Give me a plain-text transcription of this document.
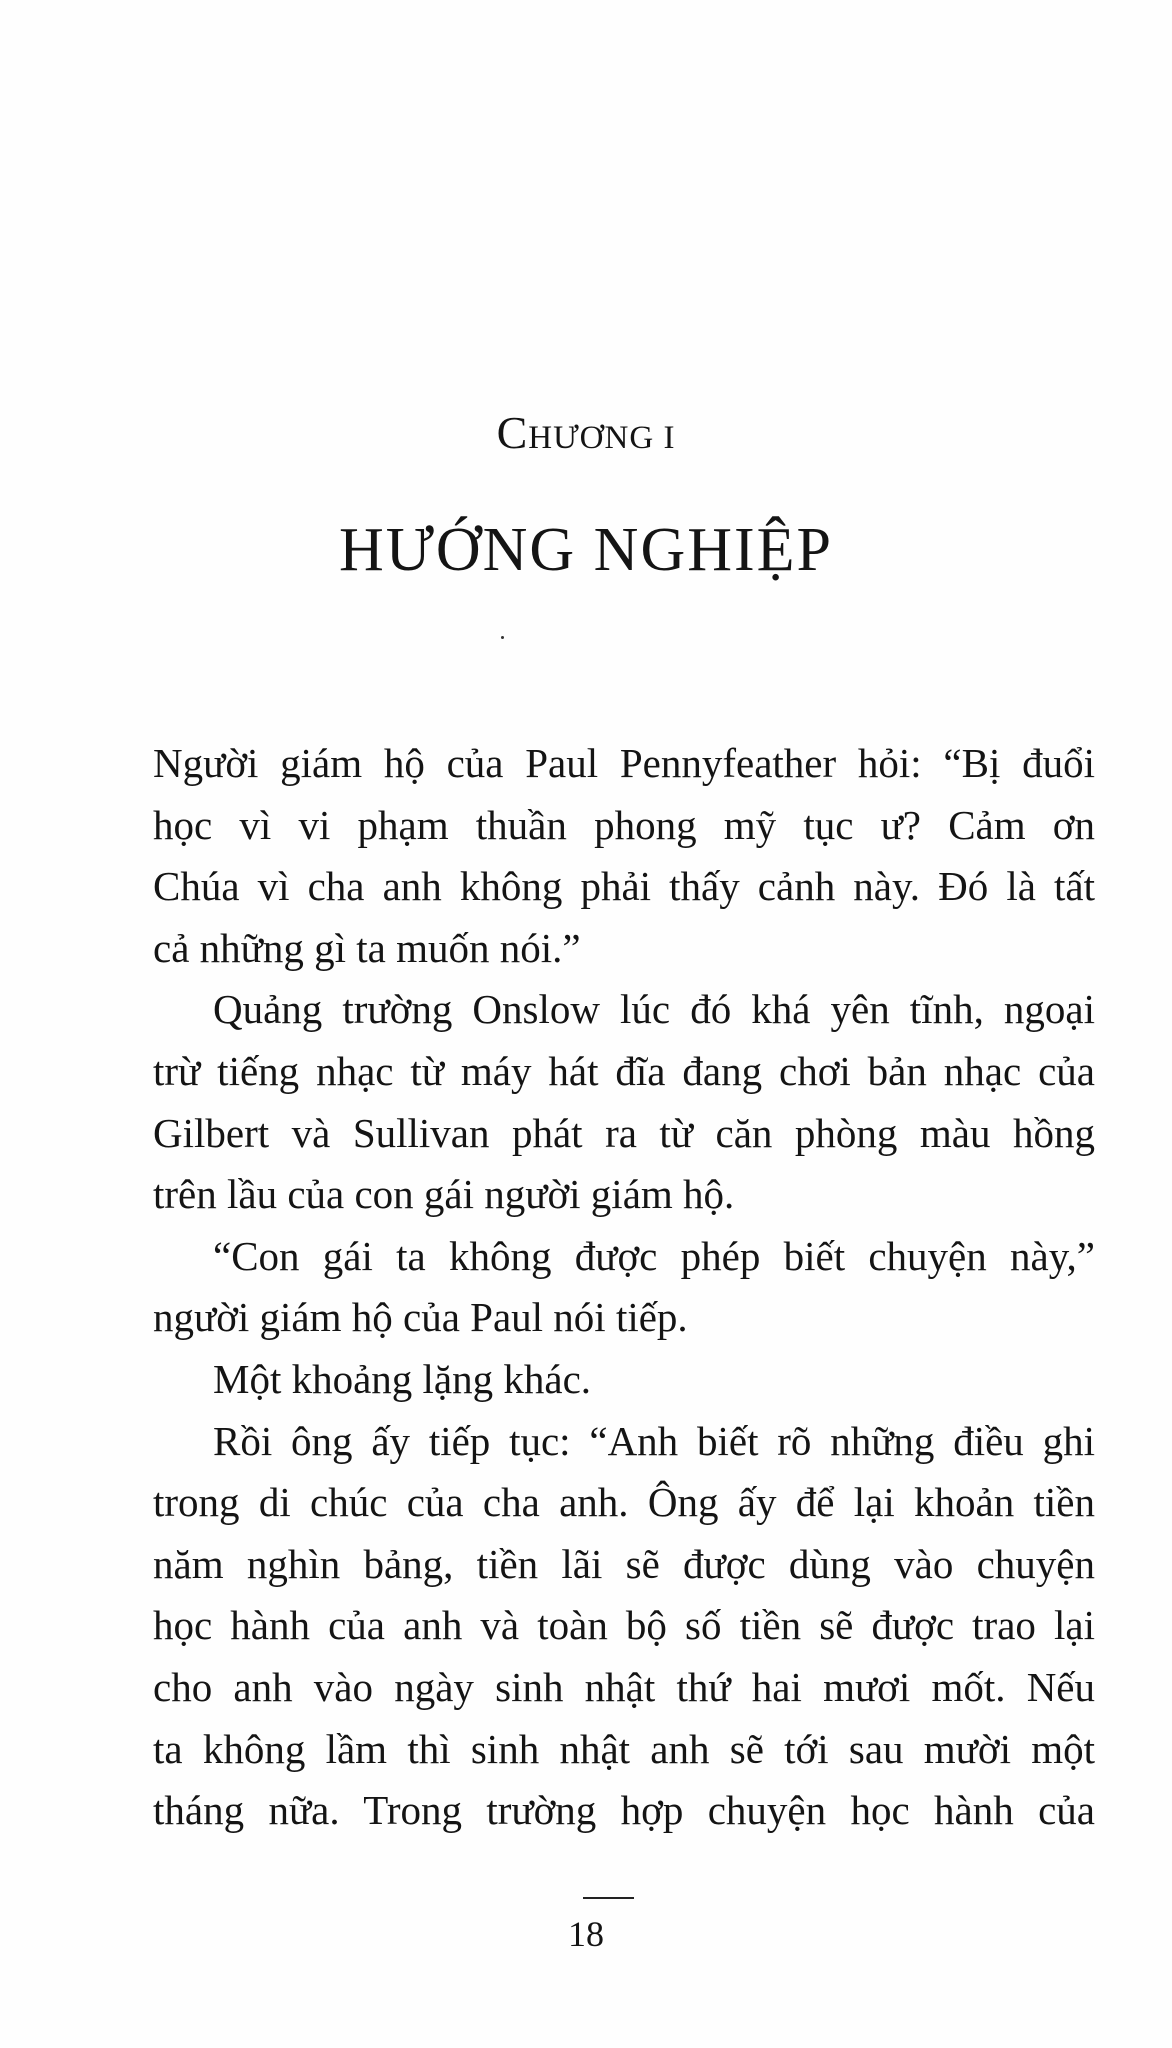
CHƯƠNG I
HƯỚNG NGHIỆP
Người giám hộ của Paul Pennyfeather hỏi: “Bị đuổi
học vì vi phạm thuần phong mỹ tục ư? Cảm ơn
Chúa vì cha anh không phải thấy cảnh này. Đó là tất
cả những gì ta muốn nói.”
Quảng trường Onslow lúc đó khá yên tĩnh, ngoại
trừ tiếng nhạc từ máy hát đĩa đang chơi bản nhạc của
Gilbert và Sullivan phát ra từ căn phòng màu hồng
trên lầu của con gái người giám hộ.
“Con gái ta không được phép biết chuyện này,”
người giám hộ của Paul nói tiếp.
Một khoảng lặng khác.
Rồi ông ấy tiếp tục: “Anh biết rõ những điều ghi
trong di chúc của cha anh. Ông ấy để lại khoản tiền
năm nghìn bảng, tiền lãi sẽ được dùng vào chuyện
học hành của anh và toàn bộ số tiền sẽ được trao lại
cho anh vào ngày sinh nhật thứ hai mươi mốt. Nếu
ta không lầm thì sinh nhật anh sẽ tới sau mười một
tháng nữa. Trong trường hợp chuyện học hành của
18
